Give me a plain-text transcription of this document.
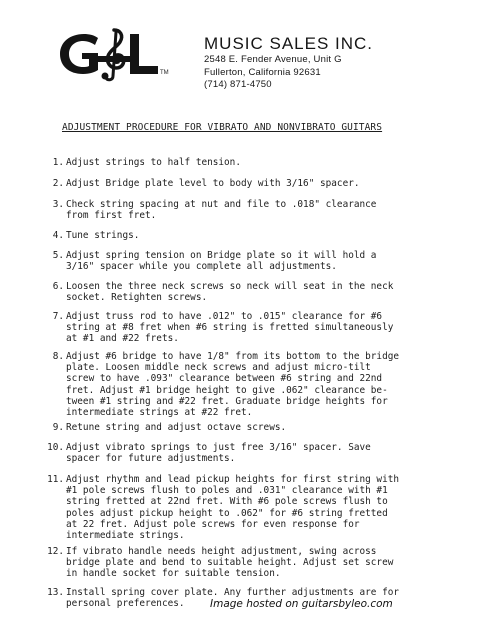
TM
MUSIC SALES INC.
2548 E. Fender Avenue, Unit G
Fullerton, California 92631
(714) 871-4750
ADJUSTMENT PROCEDURE FOR VIBRATO AND NONVIBRATO GUITARS
1. Adjust strings to half tension.
2. Adjust Bridge plate level to body with 3/16" spacer.
3. Check string spacing at nut and file to .018" clearance
from first fret.
4. Tune strings.
5. Adjust spring tension on Bridge plate so it will hold a
3/16" spacer while you complete all adjustments.
6. Loosen the three neck screws so neck will seat in the neck
socket. Retighten screws.
7. Adjust truss rod to have .012" to .015" clearance for #6
string at #8 fret when #6 string is fretted simultaneously
at #1 and #22 frets.
8. Adjust #6 bridge to have 1/8" from its bottom to the bridge
plate. Loosen middle neck screws and adjust micro-tilt
screw to have .093" clearance between #6 string and 22nd
fret. Adjust #1 bridge height to give .062" clearance be-
tween #1 string and #22 fret. Graduate bridge heights for
intermediate strings at #22 fret.
9. Retune string and adjust octave screws.
10. Adjust vibrato springs to just free 3/16" spacer. Save
spacer for future adjustments.
11. Adjust rhythm and lead pickup heights for first string with
#1 pole screws flush to poles and .031" clearance with #1
string fretted at 22nd fret. With #6 pole screws flush to
poles adjust pickup height to .062" for #6 string fretted
at 22 fret. Adjust pole screws for even response for
intermediate strings.
12. If vibrato handle needs height adjustment, swing across
bridge plate and bend to suitable height. Adjust set screw
in handle socket for suitable tension.
13. Install spring cover plate. Any further adjustments are for
personal preferences.	Image hosted on guitarsbyleo.com
